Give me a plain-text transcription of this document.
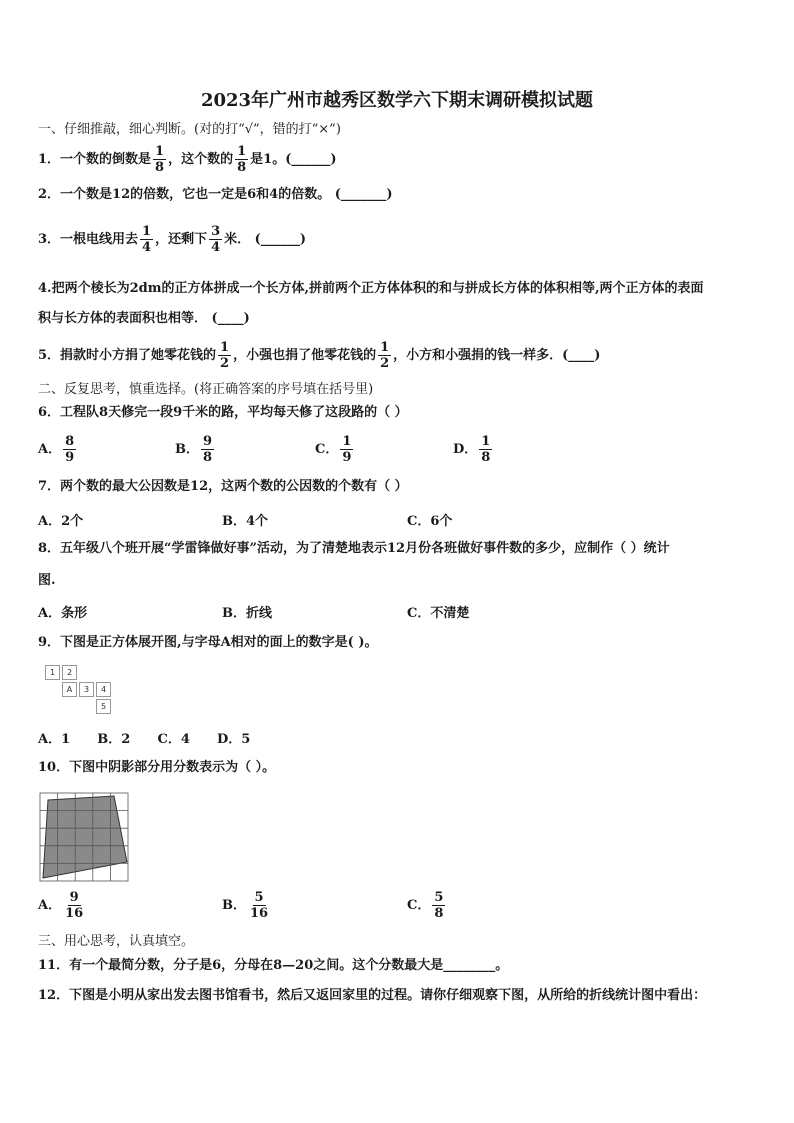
2023年广州市越秀区数学六下期末调研模拟试题
一、仔细推敲，细心判断。(对的打“√”，错的打“×”)
1．一个数的倒数是 $\frac{1}{8}$ ，这个数的 $\frac{1}{8}$ 是1。(______)
2．一个数是12的倍数，它也一定是6和4的倍数。 (_______)
3．一根电线用去 $\frac{1}{4}$ ，还剩下 $\frac{3}{4}$ 米． (______)
4.把两个棱长为2dm的正方体拼成一个长方体,拼前两个正方体体积的和与拼成长方体的体积相等,两个正方体的表面
积与长方体的表面积也相等． (____)
5．捐款时小方捐了她零花钱的 $\frac{1}{2}$ ，小强也捐了他零花钱的 $\frac{1}{2}$ ，小方和小强捐的钱一样多．(____)
二、反复思考，慎重选择。(将正确答案的序号填在括号里)
6．工程队8天修完一段9千米的路，平均每天修了这段路的（ ）
A． $\frac{8}{9}$	B． $\frac{9}{8}$	C． $\frac{1}{9}$	D． $\frac{1}{8}$
7．两个数的最大公因数是12，这两个数的公因数的个数有（ ）
A．2个	B．4个	C．6个
8．五年级八个班开展“学雷锋做好事”活动，为了清楚地表示12月份各班做好事件数的多少，应制作（ ）统计
图.
A．条形	B．折线	C．不清楚
9．下图是正方体展开图,与字母A相对的面上的数字是( )。
1	2
A	3	4
5
A．1      B．2      C．4      D．5
10．下图中阴影部分用分数表示为（ ）。
A． $\frac{9}{16}$	B． $\frac{5}{16}$	C． $\frac{5}{8}$
三、用心思考，认真填空。
11．有一个最简分数，分子是6，分母在8—20之间。这个分数最大是________。
12．下图是小明从家出发去图书馆看书，然后又返回家里的过程。请你仔细观察下图，从所给的折线统计图中看出：
